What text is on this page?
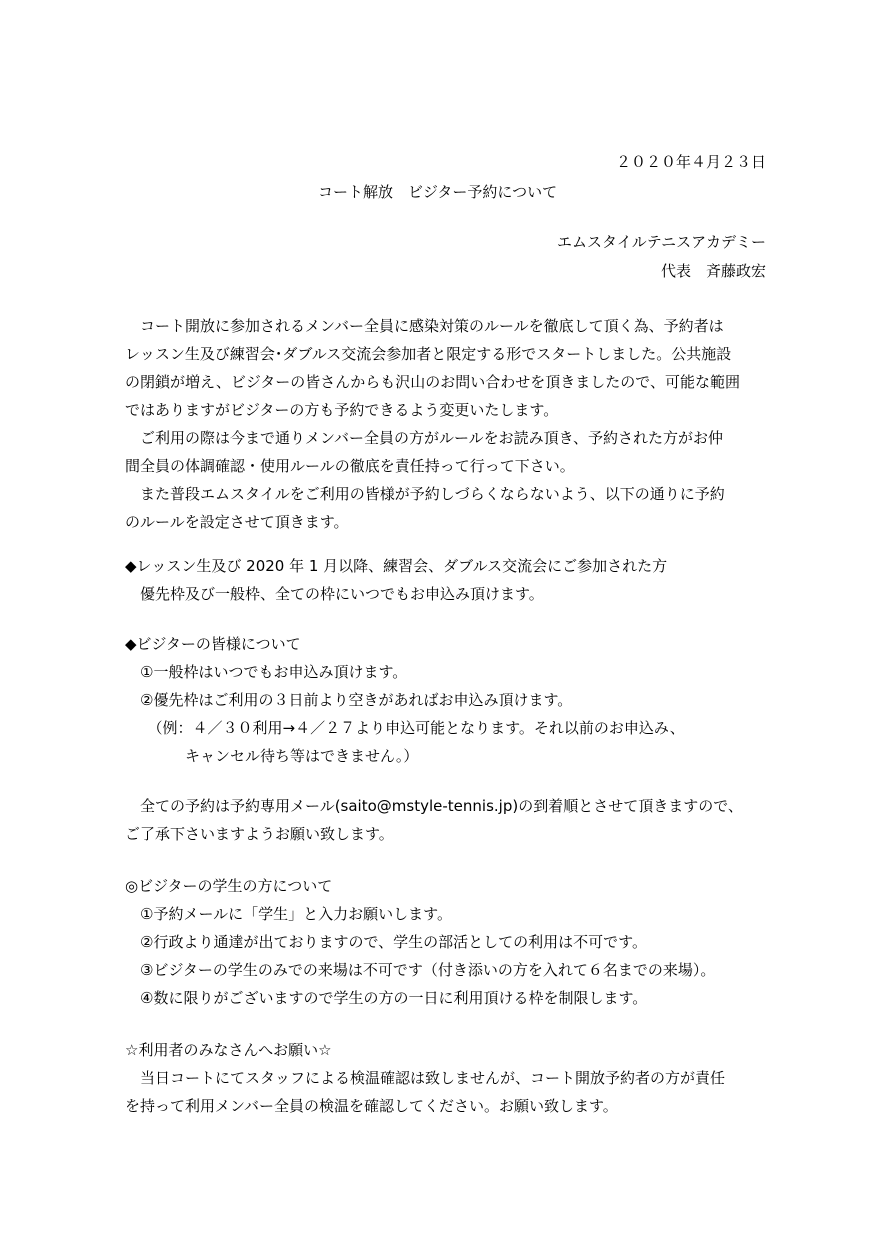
２０２０年４月２３日
コート解放　ビジター予約について
エムスタイルテニスアカデミー
代表　斉藤政宏
　コート開放に参加されるメンバー全員に感染対策のルールを徹底して頂く為、予約者は
レッスン生及び練習会･ダブルス交流会参加者と限定する形でスタートしました。公共施設
の閉鎖が増え、ビジターの皆さんからも沢山のお問い合わせを頂きましたので、可能な範囲
ではありますがビジターの方も予約できるよう変更いたします。
　ご利用の際は今まで通りメンバー全員の方がルールをお読み頂き、予約された方がお仲
間全員の体調確認・使用ルールの徹底を責任持って行って下さい。
　また普段エムスタイルをご利用の皆様が予約しづらくならないよう、以下の通りに予約
のルールを設定させて頂きます。
◆レッスン生及び 2020 年 1 月以降、練習会、ダブルス交流会にご参加された方
　優先枠及び一般枠、全ての枠にいつでもお申込み頂けます。
◆ビジターの皆様について
　①一般枠はいつでもお申込み頂けます。
　②優先枠はご利用の３日前より空きがあればお申込み頂けます。
　　（例：４／３０利用→４／２７より申込可能となります。それ以前のお申込み、
　　　　キャンセル待ち等はできません。）
　全ての予約は予約専用メール(saito@mstyle-tennis.jp)の到着順とさせて頂きますので、
ご了承下さいますようお願い致します。
◎ビジターの学生の方について
　①予約メールに「学生」と入力お願いします。
　②行政より通達が出ておりますので、学生の部活としての利用は不可です。
　③ビジターの学生のみでの来場は不可です（付き添いの方を入れて６名までの来場）。
　④数に限りがございますので学生の方の一日に利用頂ける枠を制限します。
☆利用者のみなさんへお願い☆
　当日コートにてスタッフによる検温確認は致しませんが、コート開放予約者の方が責任
を持って利用メンバー全員の検温を確認してください。お願い致します。
